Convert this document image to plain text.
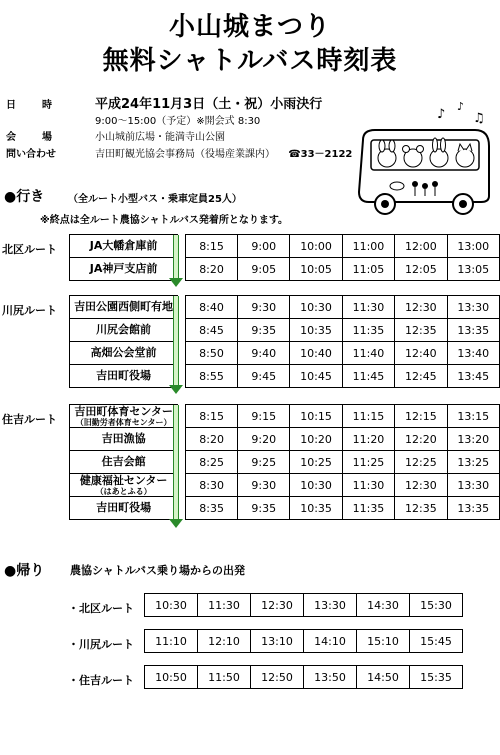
小山城まつり
無料シャトルバス時刻表
日　　時	平成24年11月3日（土・祝）小雨決行
9:00〜15:00（予定）※開会式 8:30
会　　場	小山城前広場・能満寺山公園
問い合わせ	吉田町観光協会事務局（役場産業課内） ☎33－2122
♪
♪
♫
●行き （全ルート小型バス・乗車定員25人）
※終点は全ルート農協シャトルバス発着所となります。
北区ルート	JA大幡倉庫前		8:15	9:00	10:00	11:00	12:00	13:00

JA神戸支店前		8:20	9:05	10:05	11:05	12:05	13:05
川尻ルート	吉田公園西側町有地		8:40	9:30	10:30	11:30	12:30	13:30

川尻会館前		8:45	9:35	10:35	11:35	12:35	13:35

高畑公会堂前		8:50	9:40	10:40	11:40	12:40	13:40

吉田町役場		8:55	9:45	10:45	11:45	12:45	13:45
住吉ルート
吉田町体育センター
（旧勤労者体育センター）		8:15	9:15	10:15	11:15	12:15	13:15

吉田漁協		8:20	9:20	10:20	11:20	12:20	13:20

住吉会館		8:25	9:25	10:25	11:25	12:25	13:25

健康福祉センター
（はあとふる）		8:30	9:30	10:30	11:30	12:30	13:30

吉田町役場		8:35	9:35	10:35	11:35	12:35	13:35
●帰り 農協シャトルバス乗り場からの出発
・北区ルート 10:30	11:30	12:30	13:30	14:30	15:30
・川尻ルート 11:10	12:10	13:10	14:10	15:10	15:45
・住吉ルート 10:50	11:50	12:50	13:50	14:50	15:35
